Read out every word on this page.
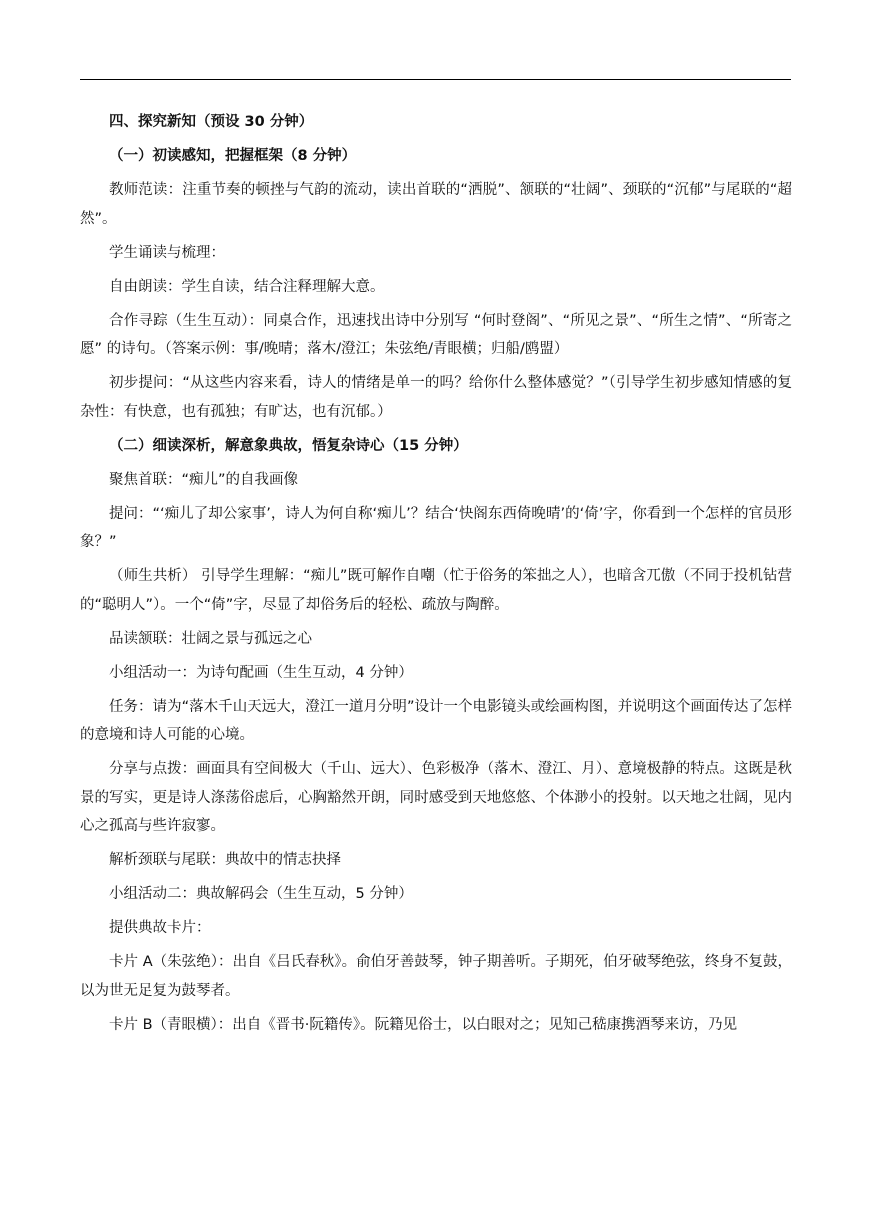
四、探究新知（预设 30 分钟）

（一）初读感知，把握框架（8 分钟）

教师范读：注重节奏的顿挫与气韵的流动，读出首联的“洒脱”、颔联的“壮阔”、颈联的“沉郁”与尾联的“超然”。

学生诵读与梳理：

自由朗读：学生自读，结合注释理解大意。

合作寻踪（生生互动）：同桌合作，迅速找出诗中分别写 “何时登阁”、“所见之景”、“所生之情”、“所寄之愿” 的诗句。（答案示例：事/晚晴；落木/澄江；朱弦绝/青眼横；归船/鸥盟）

初步提问：“从这些内容来看，诗人的情绪是单一的吗？给你什么整体感觉？”（引导学生初步感知情感的复杂性：有快意，也有孤独；有旷达，也有沉郁。）

（二）细读深析，解意象典故，悟复杂诗心（15 分钟）

聚焦首联：“痴儿”的自我画像

提问：“‘痴儿了却公家事’，诗人为何自称‘痴儿’？结合‘快阁东西倚晚晴’的‘倚’字，你看到一个怎样的官员形象？”

（师生共析） 引导学生理解：“痴儿”既可解作自嘲（忙于俗务的笨拙之人），也暗含兀傲（不同于投机钻营的“聪明人”）。一个“倚”字，尽显了却俗务后的轻松、疏放与陶醉。

品读颔联：壮阔之景与孤远之心

小组活动一：为诗句配画（生生互动，4 分钟）

任务：请为“落木千山天远大，澄江一道月分明”设计一个电影镜头或绘画构图，并说明这个画面传达了怎样的意境和诗人可能的心境。

分享与点拨：画面具有空间极大（千山、远大）、色彩极净（落木、澄江、月）、意境极静的特点。这既是秋景的写实，更是诗人涤荡俗虑后，心胸豁然开朗，同时感受到天地悠悠、个体渺小的投射。以天地之壮阔，见内心之孤高与些许寂寥。

解析颈联与尾联：典故中的情志抉择

小组活动二：典故解码会（生生互动，5 分钟）

提供典故卡片：

卡片 A（朱弦绝）：出自《吕氏春秋》。俞伯牙善鼓琴，钟子期善听。子期死，伯牙破琴绝弦，终身不复鼓，以为世无足复为鼓琴者。

卡片 B（青眼横）：出自《晋书·阮籍传》。阮籍见俗士，以白眼对之；见知己嵇康携酒琴来访，乃见
